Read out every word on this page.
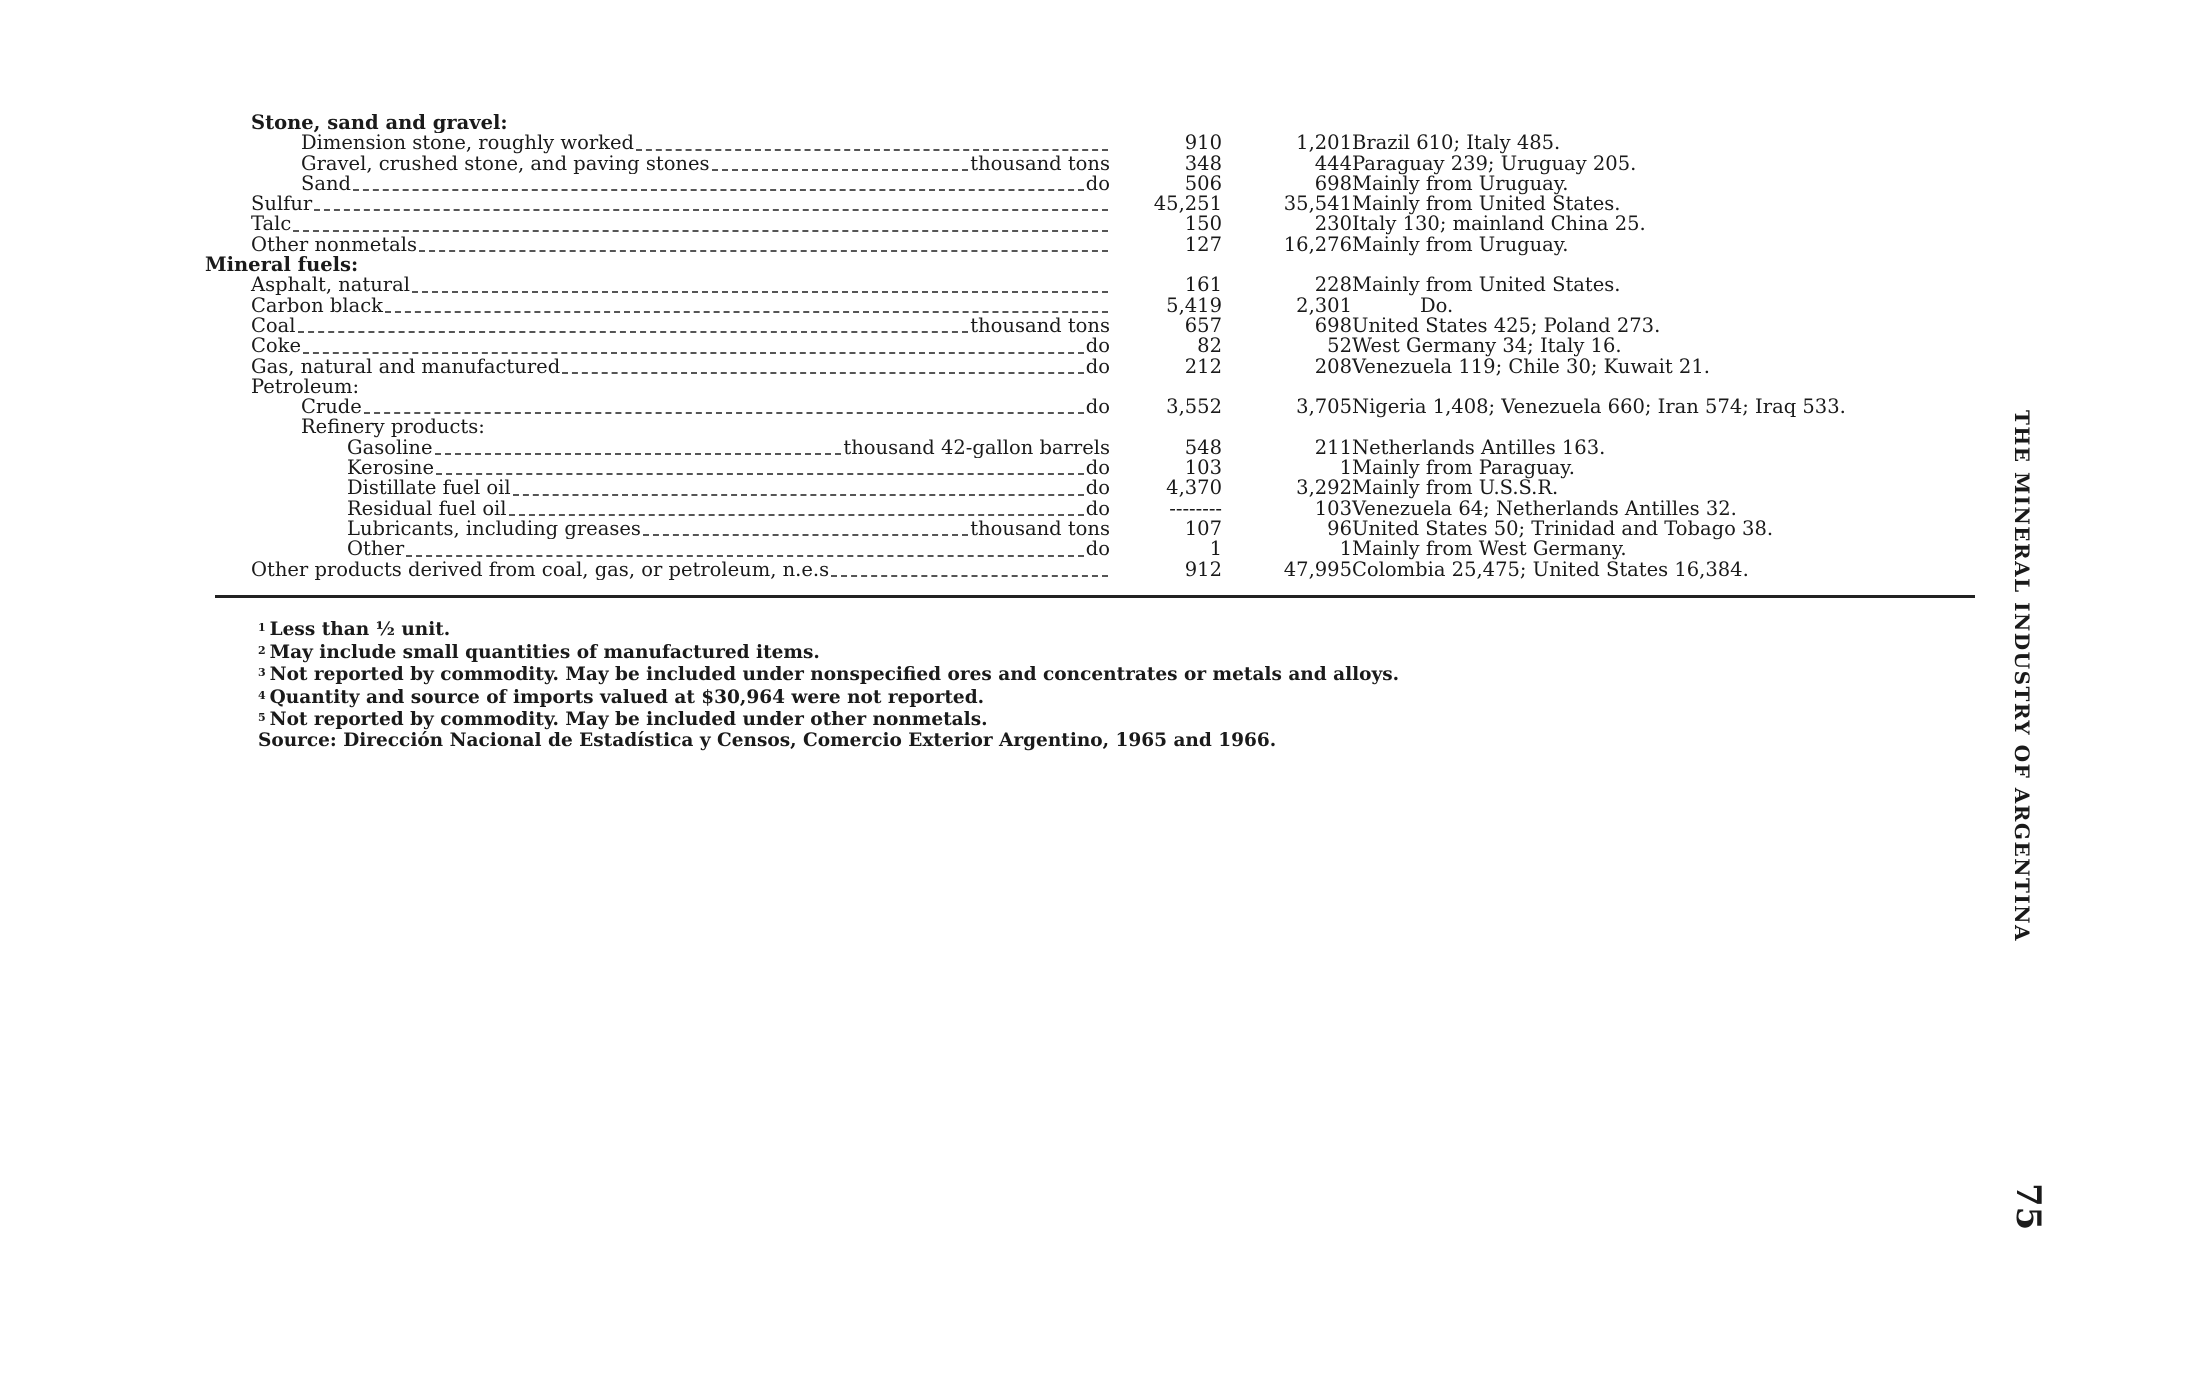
Stone, sand and gravel:			

Dimension stone, roughly worked	910	1,201	Brazil 610; Italy 485.

Gravel, crushed stone, and paving stones thousand tons	348	444	Paraguay 239; Uruguay 205.

Sand do	506	698	Mainly from Uruguay.

Sulfur	45,251	35,541	Mainly from United States.

Talc	150	230	Italy 130; mainland China 25.

Other nonmetals	127	16,276	Mainly from Uruguay.

Mineral fuels:			

Asphalt, natural	161	228	Mainly from United States.

Carbon black	5,419	2,301	Do.

Coal thousand tons	657	698	United States 425; Poland 273.

Coke do	82	52	West Germany 34; Italy 16.

Gas, natural and manufactured do	212	208	Venezuela 119; Chile 30; Kuwait 21.

Petroleum:			

Crude do	3,552	3,705	Nigeria 1,408; Venezuela 660; Iran 574; Iraq 533.

Refinery products:			

Gasoline thousand 42-gallon barrels	548	211	Netherlands Antilles 163.

Kerosine do	103	1	Mainly from Paraguay.

Distillate fuel oil do	4,370	3,292	Mainly from U.S.S.R.

Residual fuel oil do	--------	103	Venezuela 64; Netherlands Antilles 32.

Lubricants, including greases thousand tons	107	96	United States 50; Trinidad and Tobago 38.

Other do	1	1	Mainly from West Germany.

Other products derived from coal, gas, or petroleum, n.e.s	912	47,995	Colombia 25,475; United States 16,384.
$^1$ Less than ½ unit.
$^2$ May include small quantities of manufactured items.
$^3$ Not reported by commodity. May be included under nonspecified ores and concentrates or metals and alloys.
$^4$ Quantity and source of imports valued at $30,964 were not reported.
$^5$ Not reported by commodity. May be included under other nonmetals.
Source: Dirección Nacional de Estadística y Censos, Comercio Exterior Argentino, 1965 and 1966.	THE MINERAL INDUSTRY OF ARGENTINA
75
